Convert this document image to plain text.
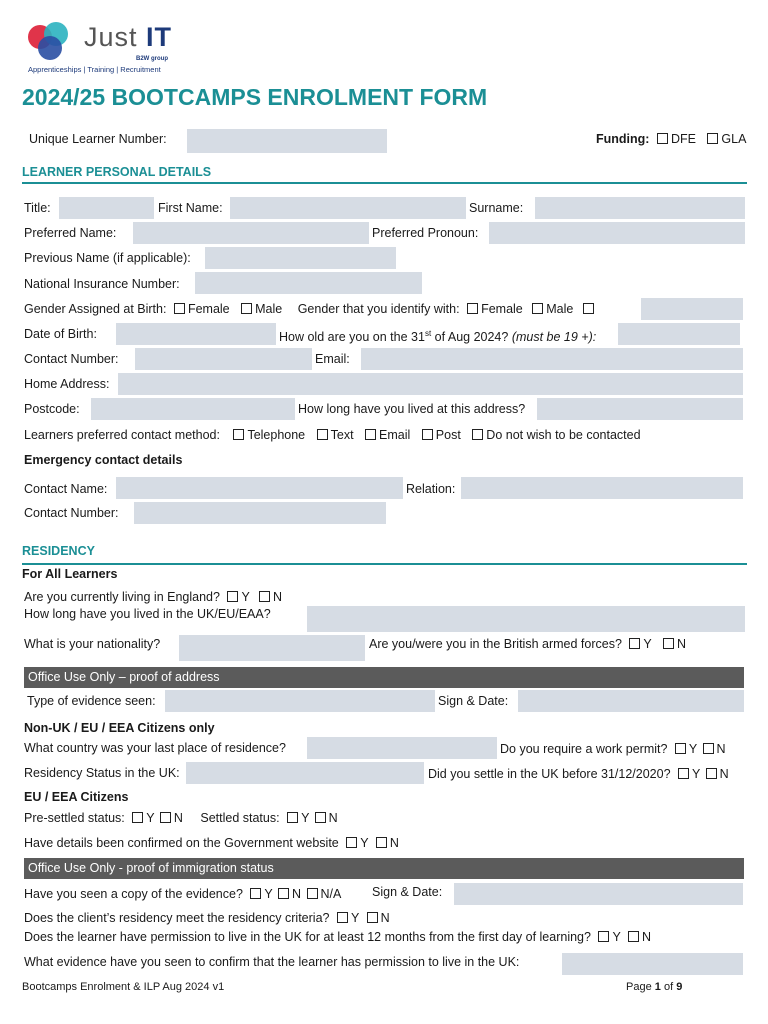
Just IT
B2W group
Apprenticeships | Training | Recruitment
2024/25 BOOTCAMPS ENROLMENT FORM
Unique Learner Number:	Funding: DFE GLA
LEARNER PERSONAL DETAILS
Title:	First Name:	Surname:
Preferred Name:	Preferred Pronoun:
Previous Name (if applicable):
National Insurance Number:
Gender Assigned at Birth: Female Male Gender that you identify with: Female Male
Date of Birth:	How old are you on the 31st of Aug 2024? (must be 19 +):
Contact Number:	Email:
Home Address:
Postcode:	How long have you lived at this address?
Learners preferred contact method: Telephone Text Email Post Do not wish to be contacted
Emergency contact details
Contact Name:	Relation:
Contact Number:
RESIDENCY
For All Learners
Are you currently living in England? Y N
How long have you lived in the UK/EU/EAA?
What is your nationality?	Are you/were you in the British armed forces? Y N
Office Use Only – proof of address
Type of evidence seen:	Sign & Date:
Non-UK / EU / EEA Citizens only
What country was your last place of residence?	Do you require a work permit? Y N
Residency Status in the UK:	Did you settle in the UK before 31/12/2020? Y N
EU / EEA Citizens
Pre-settled status: Y N Settled status: Y N
Have details been confirmed on the Government website Y N
Office Use Only - proof of immigration status
Have you seen a copy of the evidence? Y N N/A Sign & Date:
Does the client’s residency meet the residency criteria? Y N
Does the learner have permission to live in the UK for at least 12 months from the first day of learning? Y N
What evidence have you seen to confirm that the learner has permission to live in the UK:
Bootcamps Enrolment & ILP Aug 2024 v1	Page 1 of 9
